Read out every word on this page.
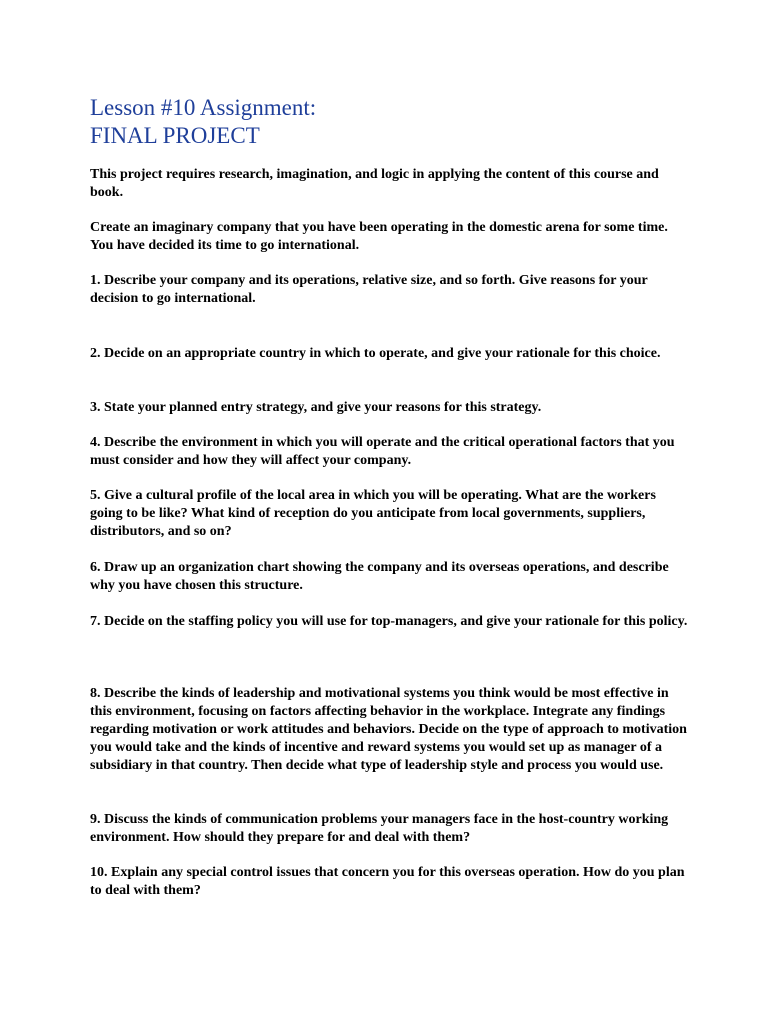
Lesson #10 Assignment:
FINAL PROJECT

This project requires research, imagination, and logic in applying the content of this course and book.

Create an imaginary company that you have been operating in the domestic arena for some time. You have decided its time to go international.

1. Describe your company and its operations, relative size, and so forth. Give reasons for your decision to go international.

2. Decide on an appropriate country in which to operate, and give your rationale for this choice.

3. State your planned entry strategy, and give your reasons for this strategy.

4. Describe the environment in which you will operate and the critical operational factors that you must consider and how they will affect your company.

5. Give a cultural profile of the local area in which you will be operating. What are the workers going to be like? What kind of reception do you anticipate from local governments, suppliers, distributors, and so on?

6. Draw up an organization chart showing the company and its overseas operations, and describe why you have chosen this structure.

7. Decide on the staffing policy you will use for top-managers, and give your rationale for this policy.

8. Describe the kinds of leadership and motivational systems you think would be most effective in this environment, focusing on factors affecting behavior in the workplace. Integrate any findings regarding motivation or work attitudes and behaviors. Decide on the type of approach to motivation you would take and the kinds of incentive and reward systems you would set up as manager of a subsidiary in that country. Then decide what type of leadership style and process you would use.

9. Discuss the kinds of communication problems your managers face in the host-country working environment. How should they prepare for and deal with them?

10. Explain any special control issues that concern you for this overseas operation. How do you plan to deal with them?
